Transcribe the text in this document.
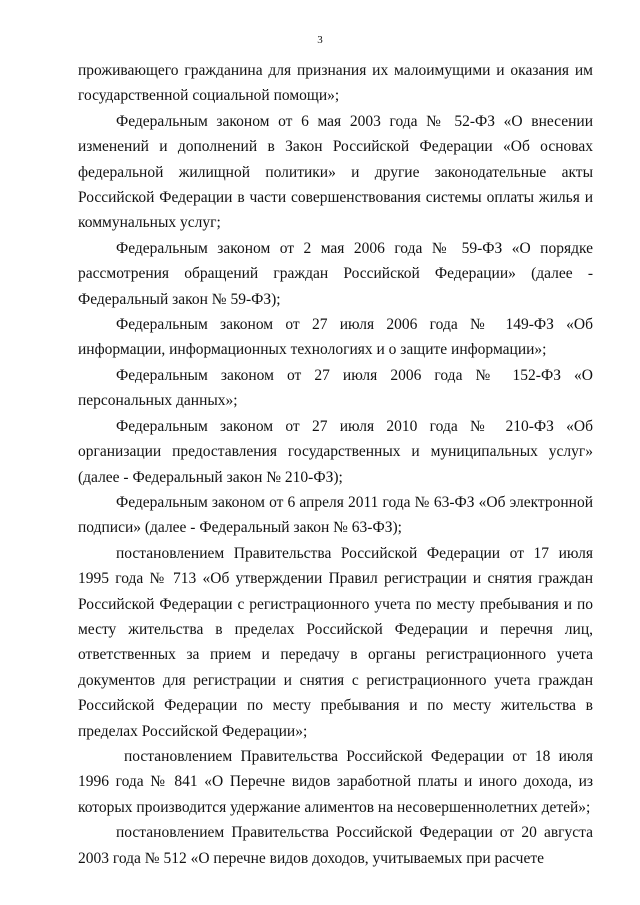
3

проживающего гражданина для признания их малоимущими и оказания им государственной социальной помощи»;

Федеральным законом от 6 мая 2003 года № 52-ФЗ «О внесении изменений и дополнений в Закон Российской Федерации «Об основах федеральной жилищной политики» и другие законодательные акты Российской Федерации в части совершенствования системы оплаты жилья и коммунальных услуг;

Федеральным законом от 2 мая 2006 года № 59-ФЗ «О порядке рассмотрения обращений граждан Российской Федерации» (далее - Федеральный закон № 59-ФЗ);

Федеральным законом от 27 июля 2006 года № 149-ФЗ «Об информации, информационных технологиях и о защите информации»;

Федеральным законом от 27 июля 2006 года № 152-ФЗ «О персональных данных»;

Федеральным законом от 27 июля 2010 года № 210-ФЗ «Об организации предоставления государственных и муниципальных услуг» (далее - Федеральный закон № 210-ФЗ);

Федеральным законом от 6 апреля 2011 года № 63-ФЗ «Об электронной подписи» (далее - Федеральный закон № 63-ФЗ);

постановлением Правительства Российской Федерации от 17 июля 1995 года № 713 «Об утверждении Правил регистрации и снятия граждан Российской Федерации с регистрационного учета по месту пребывания и по месту жительства в пределах Российской Федерации и перечня лиц, ответственных за прием и передачу в органы регистрационного учета документов для регистрации и снятия с регистрационного учета граждан Российской Федерации по месту пребывания и по месту жительства в пределах Российской Федерации»;

постановлением Правительства Российской Федерации от 18 июля 1996 года № 841 «О Перечне видов заработной платы и иного дохода, из которых производится удержание алиментов на несовершеннолетних детей»;

постановлением Правительства Российской Федерации от 20 августа 2003 года № 512 «О перечне видов доходов, учитываемых при расчете
